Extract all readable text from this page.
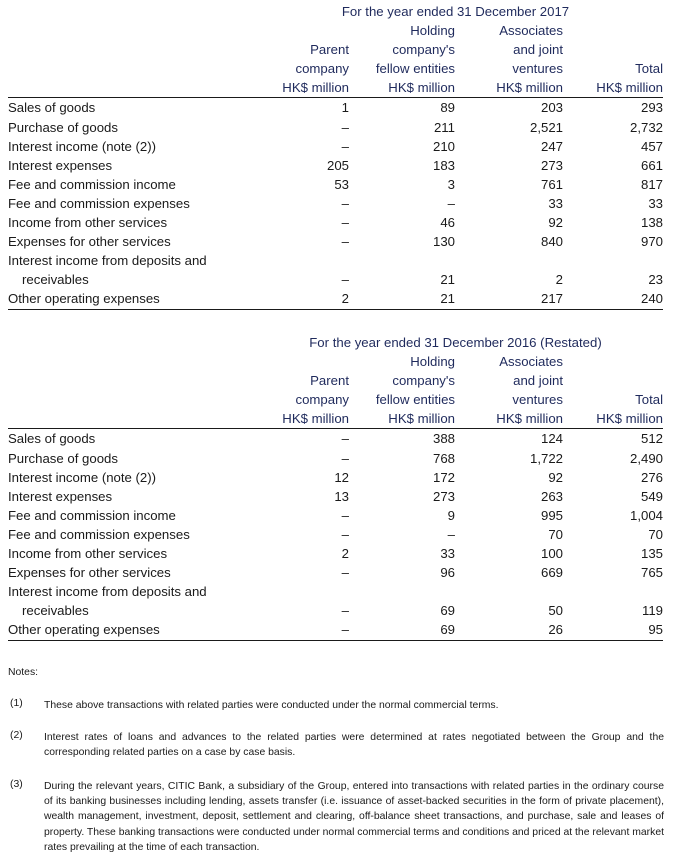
	For the year ended 31 December 2017			
		Holding	Associates	
	Parent	company's	and joint	
	company	fellow entities	ventures	Total
	HK$ million	HK$ million	HK$ million	HK$ million
Sales of goods	1	89	203	293
Purchase of goods	–	211	2,521	2,732
Interest income (note (2))	–	210	247	457
Interest expenses	205	183	273	661
Fee and commission income	53	3	761	817
Fee and commission expenses	–	–	33	33
Income from other services	–	46	92	138
Expenses for other services	–	130	840	970
Interest income from deposits and				
receivables	–	21	2	23
Other operating expenses	2	21	217	240
	For the year ended 31 December 2016 (Restated)			
		Holding	Associates	
	Parent	company's	and joint	
	company	fellow entities	ventures	Total
	HK$ million	HK$ million	HK$ million	HK$ million
Sales of goods	–	388	124	512
Purchase of goods	–	768	1,722	2,490
Interest income (note (2))	12	172	92	276
Interest expenses	13	273	263	549
Fee and commission income	–	9	995	1,004
Fee and commission expenses	–	–	70	70
Income from other services	2	33	100	135
Expenses for other services	–	96	669	765
Interest income from deposits and				
receivables	–	69	50	119
Other operating expenses	–	69	26	95
Notes:
(1) These above transactions with related parties were conducted under the normal commercial terms.
(2) Interest rates of loans and advances to the related parties were determined at rates negotiated between the Group and the corresponding related parties on a case by case basis.
(3) During the relevant years, CITIC Bank, a subsidiary of the Group, entered into transactions with related parties in the ordinary course of its banking businesses including lending, assets transfer (i.e. issuance of asset-backed securities in the form of private placement), wealth management, investment, deposit, settlement and clearing, off-balance sheet transactions, and purchase, sale and leases of property. These banking transactions were conducted under normal commercial terms and conditions and priced at the relevant market rates prevailing at the time of each transaction.
